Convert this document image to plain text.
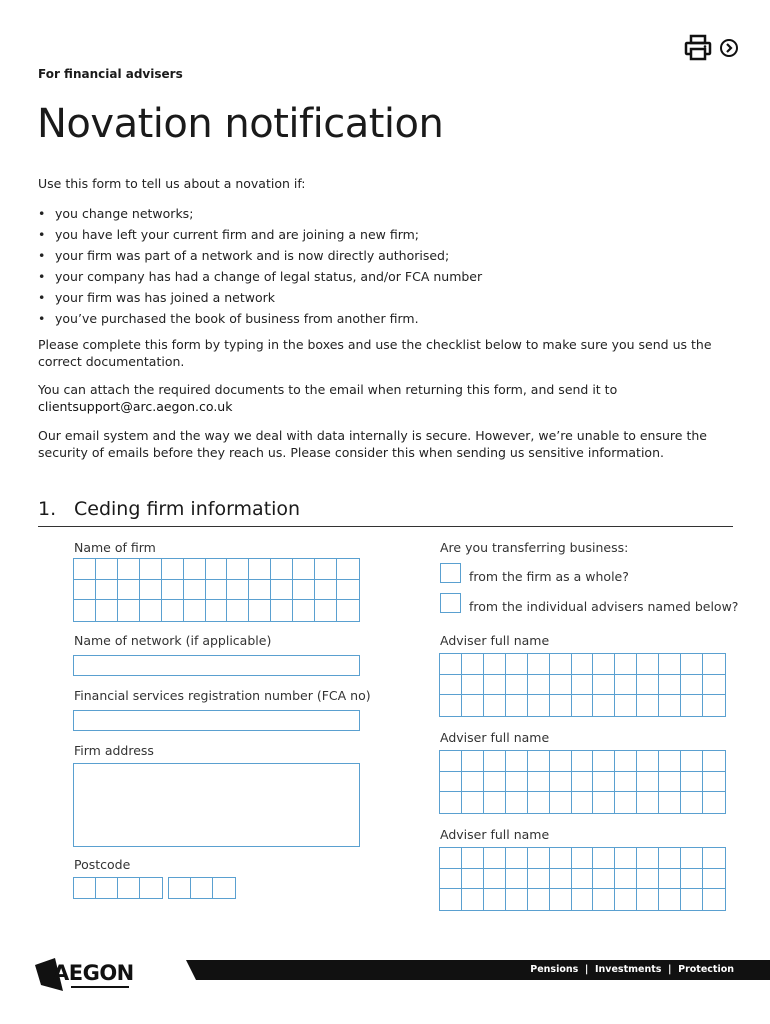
For financial advisers
Novation notification
Use this form to tell us about a novation if:
• you change networks;
• you have left your current firm and are joining a new firm;
• your firm was part of a network and is now directly authorised;
• your company has had a change of legal status, and/or FCA number
• your firm was has joined a network
• you’ve purchased the book of business from another firm.
Please complete this form by typing in the boxes and use the checklist below to make sure you send us the correct documentation.
You can attach the required documents to the email when returning this form, and send it to
clientsupport@arc.aegon.co.uk
Our email system and the way we deal with data internally is secure. However, we’re unable to ensure the security of emails before they reach us. Please consider this when sending us sensitive information.
1. Ceding firm information
Name of firm
Name of network (if applicable)
Financial services registration number (FCA no)
Firm address
Postcode
Are you transferring business:
from the firm as a whole?
from the individual advisers named below?
Adviser full name
Adviser full name
Adviser full name
AEGON	Pensions  |  Investments  |  Protection
